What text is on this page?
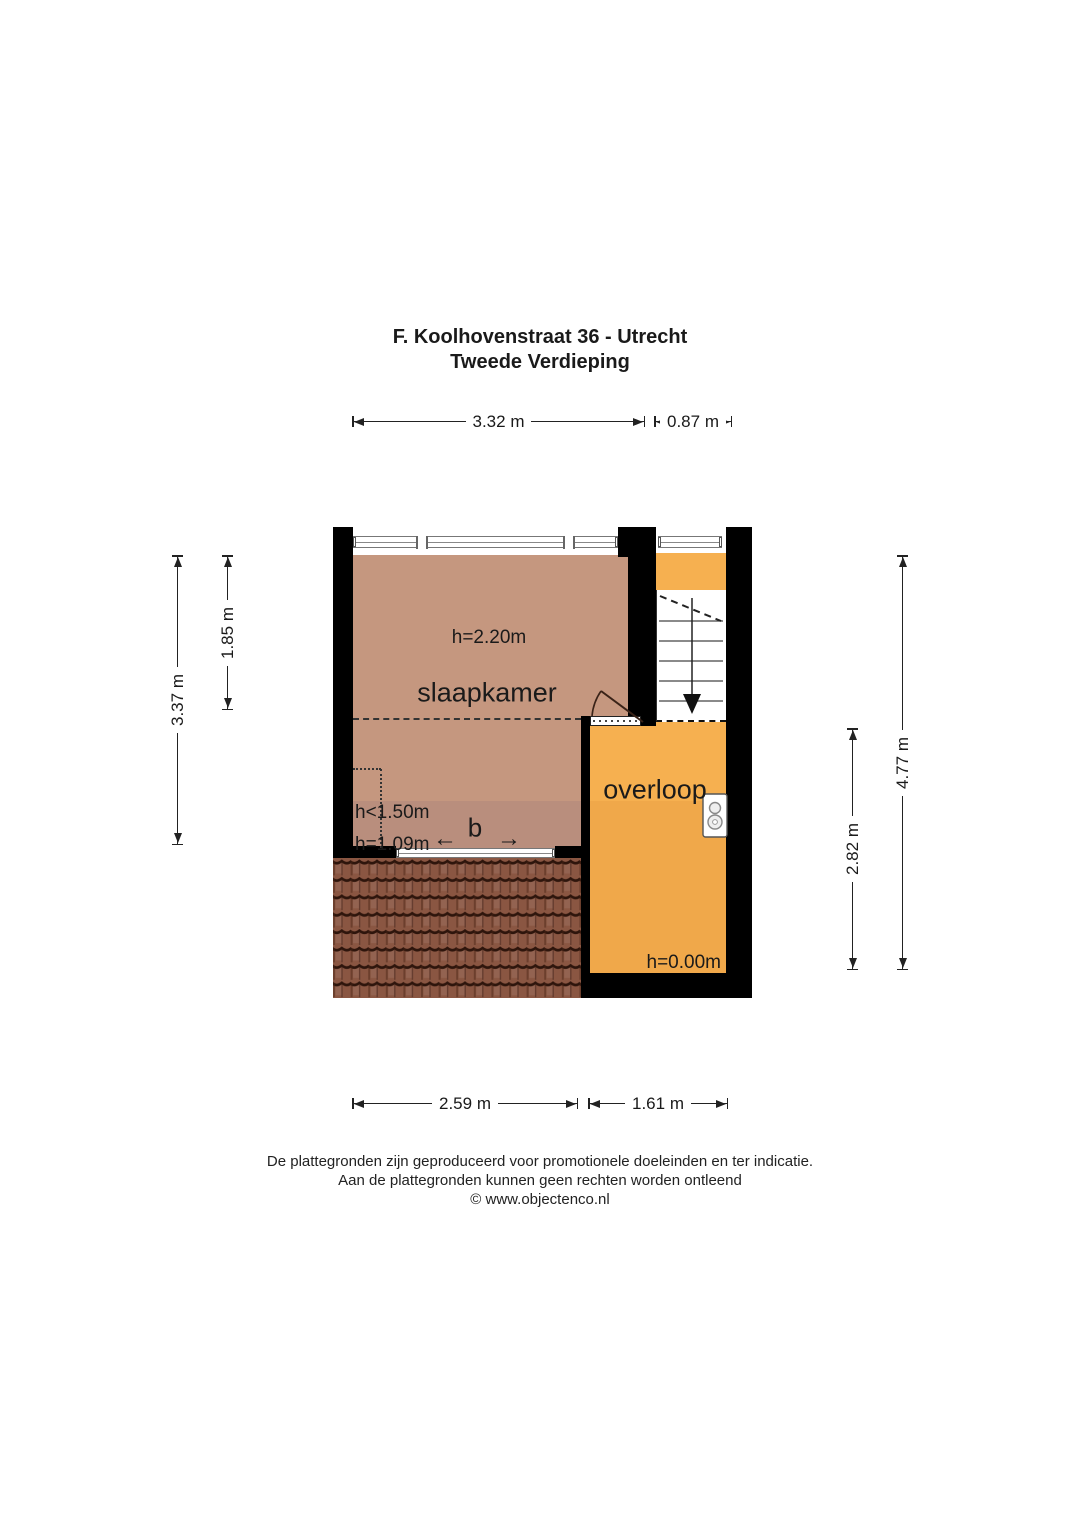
F. Koolhovenstraat 36 - Utrecht
Tweede Verdieping
3.32 m	0.87 m
3.37 m
1.85 m
2.82 m
4.77 m
2.59 m	1.61 m
h=2.20m
slaapkamer
overloop
h<1.50m
h=1.09m
b
← →
h=0.00m
De plattegronden zijn geproduceerd voor promotionele doeleinden en ter indicatie.
Aan de plattegronden kunnen geen rechten worden ontleend
© www.objectenco.nl
